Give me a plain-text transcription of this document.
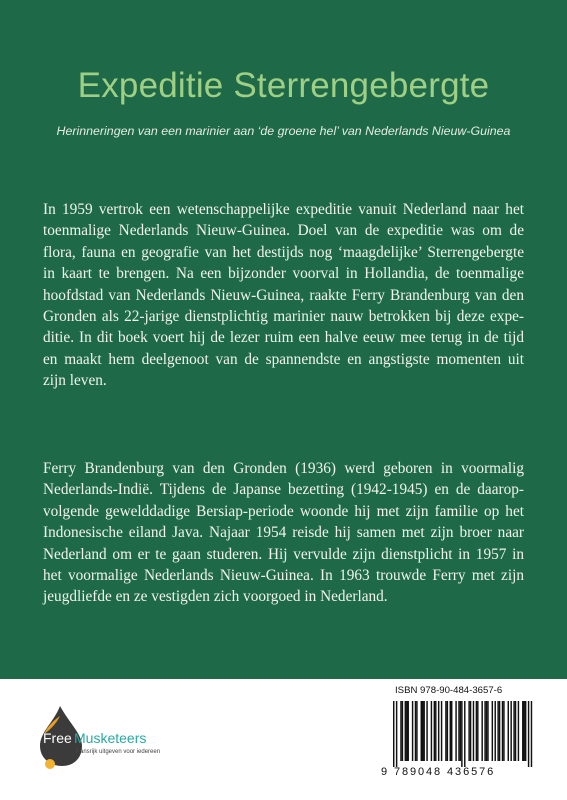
Expeditie Sterrengebergte

Herinneringen van een marinier aan ‘de groene hel’ van Nederlands Nieuw-Guinea

In 1959 vertrok een wetenschappelijke expeditie vanuit Nederland naar het
toenmalige Nederlands Nieuw-Guinea. Doel van de expeditie was om de
flora, fauna en geografie van het destijds nog ‘maagdelijke’ Sterrengebergte
in kaart te brengen. Na een bijzonder voorval in Hollandia, de toenmalige
hoofdstad van Nederlands Nieuw-Guinea, raakte Ferry Brandenburg van den
Gronden als 22-jarige dienstplichtig marinier nauw betrokken bij deze expe-
ditie. In dit boek voert hij de lezer ruim een halve eeuw mee terug in de tijd
en maakt hem deelgenoot van de spannendste en angstigste momenten uit
zijn leven.
Ferry Brandenburg van den Gronden (1936) werd geboren in voormalig
Nederlands-Indië. Tijdens de Japanse bezetting (1942-1945) en de daarop-
volgende gewelddadige Bersiap-periode woonde hij met zijn familie op het
Indonesische eiland Java. Najaar 1954 reisde hij samen met zijn broer naar
Nederland om er te gaan studeren. Hij vervulde zijn dienstplicht in 1957 in
het voormalige Nederlands Nieuw-Guinea. In 1963 trouwde Ferry met zijn
jeugdliefde en ze vestigden zich voorgoed in Nederland.
Free Musketeers
Kansrijk uitgeven voor iedereen
ISBN 978-90-484-3657-6
9 789048 436576
